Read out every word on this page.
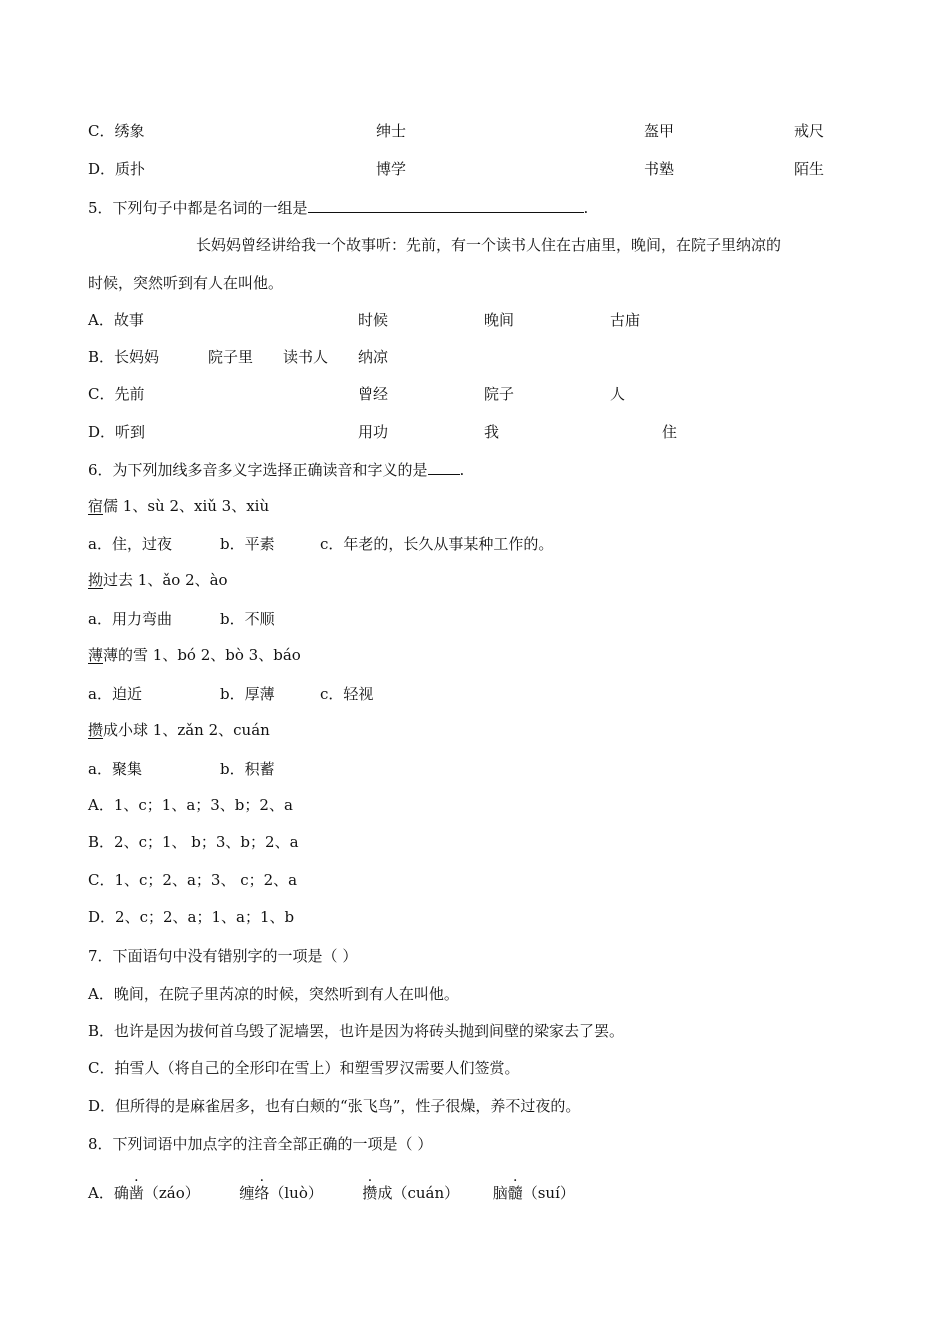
C．绣象	绅士	盔甲	戒尺
D．质扑	博学	书塾	陌生
5．下列句子中都是名词的一组是	.
长妈妈曾经讲给我一个故事听：先前，有一个读书人住在古庙里，晚间，在院子里纳凉的
时候，突然听到有人在叫他。
A．故事	时候	晚间	古庙
B．长妈妈	院子里 读书人 纳凉
C．先前	曾经	院子	人
D．听到	用功	我	住
6．为下列加线多音多义字选择正确读音和字义的是 .
宿儒 1、sù 2、xiǔ 3、xiù
a．住，过夜	b．平素	c．年老的，长久从事某种工作的。
拗过去 1、ǎo 2、ào
a．用力弯曲	b．不顺
薄薄的雪 1、bó 2、bò 3、báo
a．迫近	b．厚薄	c．轻视
攒成小球 1、zǎn 2、cuán
a．聚集	b．积蓄
A．1、c；1、a；3、b；2、a
B．2、c；1、 b；3、b；2、a
C．1、c；2、a；3、 c；2、a
D．2、c；2、a；1、a；1、b
7．下面语句中没有错别字的一项是（ ）
A．晚间，在院子里芮凉的时候，突然听到有人在叫他。
B．也许是因为拔何首乌毁了泥墙罢，也许是因为将砖头抛到间壁的梁家去了罢。
C．拍雪人（将自己的全形印在雪上）和塑雪罗汉需要人们签赏。
D．但所得的是麻雀居多，也有白颊的“张飞鸟”，性子很燥，养不过夜的。
8．下列词语中加点字的注音全部正确的一项是（ ）
A．确凿（záo）	缠络（luò）	攒成（cuán） 脑髓（suí）
